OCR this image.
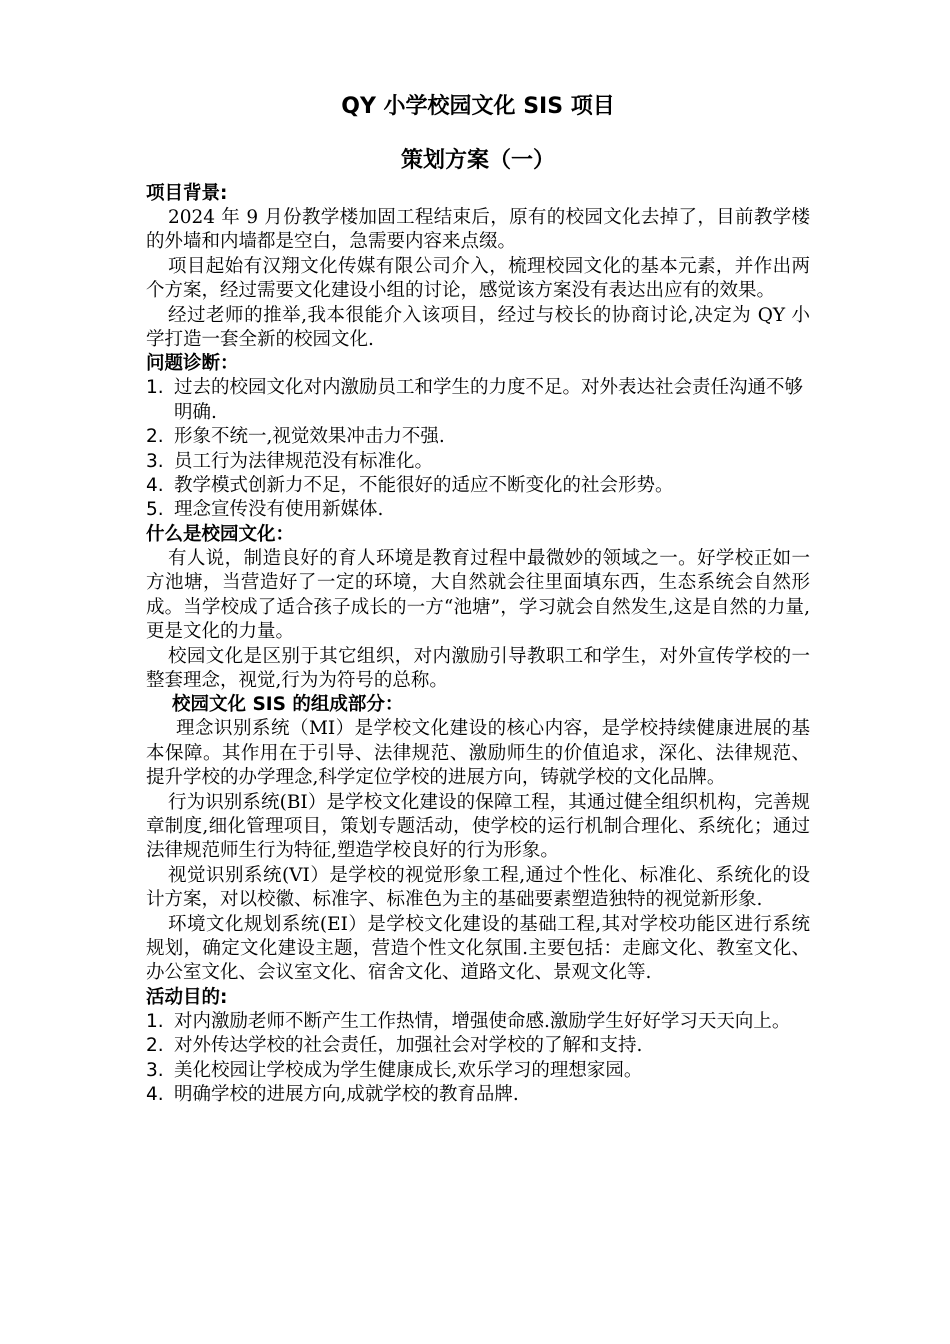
QY 小学校园文化 SIS 项目
策划方案（一）
项目背景:

2024 年 9 月份教学楼加固工程结束后，原有的校园文化去掉了，目前教学楼的外墙和内墙都是空白，急需要内容来点缀。

项目起始有汉翔文化传媒有限公司介入，梳理校园文化的基本元素，并作出两个方案，经过需要文化建设小组的讨论，感觉该方案没有表达出应有的效果。

经过老师的推举,我本很能介入该项目，经过与校长的协商讨论,决定为 QY 小学打造一套全新的校园文化.

问题诊断：
1. 过去的校园文化对内激励员工和学生的力度不足。对外表达社会责任沟通不够明确.
2. 形象不统一,视觉效果冲击力不强.
3. 员工行为法律规范没有标准化。
4. 教学模式创新力不足，不能很好的适应不断变化的社会形势。
5. 理念宣传没有使用新媒体.
什么是校园文化：

有人说，制造良好的育人环境是教育过程中最微妙的领域之一。好学校正如一方池塘，当营造好了一定的环境，大自然就会往里面填东西，生态系统会自然形成。当学校成了适合孩子成长的一方“池塘”，学习就会自然发生,这是自然的力量,更是文化的力量。

校园文化是区别于其它组织，对内激励引导教职工和学生，对外宣传学校的一整套理念，视觉,行为为符号的总称。

校园文化 SIS 的组成部分：

理念识别系统（MI）是学校文化建设的核心内容，是学校持续健康进展的基本保障。其作用在于引导、法律规范、激励师生的价值追求，深化、法律规范、提升学校的办学理念,科学定位学校的进展方向，铸就学校的文化品牌。

行为识别系统(BI）是学校文化建设的保障工程，其通过健全组织机构，完善规章制度,细化管理项目，策划专题活动，使学校的运行机制合理化、系统化；通过法律规范师生行为特征,塑造学校良好的行为形象。

视觉识别系统(VI）是学校的视觉形象工程,通过个性化、标准化、系统化的设计方案，对以校徽、标准字、标准色为主的基础要素塑造独特的视觉新形象.

环境文化规划系统(EI）是学校文化建设的基础工程,其对学校功能区进行系统规划，确定文化建设主题，营造个性文化氛围.主要包括：走廊文化、教室文化、办公室文化、会议室文化、宿舍文化、道路文化、景观文化等.

活动目的:
1. 对内激励老师不断产生工作热情，增强使命感.激励学生好好学习天天向上。
2. 对外传达学校的社会责任，加强社会对学校的了解和支持.
3. 美化校园让学校成为学生健康成长,欢乐学习的理想家园。
4. 明确学校的进展方向,成就学校的教育品牌.
